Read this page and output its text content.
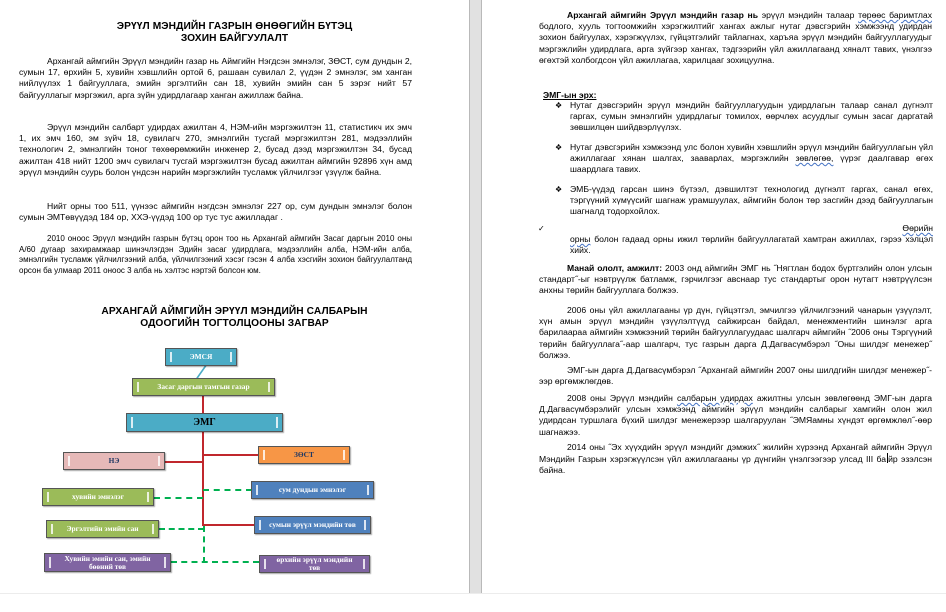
ЭРҮҮЛ МЭНДИЙН ГАЗРЫН ӨНӨӨГИЙН БҮТЭЦ
ЗОХИН БАЙГУУЛАЛТ
Архангай аймгийн Эрүүл мэндийн газар нь Аймгийн Нэгдсэн эмнэлэг, ЗӨСТ, сум дундын 2, сумын 17, өрхийн 5, хувийн хэвшлийн ортой 6, рашаан сувилал 2, үүдэн 2 эмнэлэг, эм ханган нийлүүлэх 1 байгууллага, эмийн эргэлтийн сан 18, хувийн эмийн сан 5 зэрэг нийт 57 байгууллагыг мэргэжил, арга зүйн удирдлагаар ханган ажиллаж байна.
Эрүүл мэндийн салбарт удирдах ажилтан 4, НЭМ-ийн мэргэжилтэн 11, статистикч их эмч 1, их эмч 160, эм зүйч 18, сувилагч 270, эмнэлгийн тусгай мэргэжилтэн 281, мэдээллийн технологич 2, эмнэлгийн тоног төхөөрөмжийн инженер 2, бусад дээд мэргэжилтэн 34, бусад ажилтан 418 нийт 1200 эмч сувилагч тусгай мэргэжилтэн бусад ажилтан аймгийн 92896 хүн амд эрүүл мэндийн суурь болон үндсэн нарийн мэргэжлийн тусламж үйлчилгээг үзүүлж байна.
Нийт орны тоо 511, үүнээс аймгийн нэгдсэн эмнэлэг 227 ор, сум дундын эмнэлэг болон сумын ЭМТөвүүдэд 184 ор, ХХЭ-үүдэд 100 ор тус тус ажилладаг .
2010 оноос Эрүүл мэндийн газрын бүтэц орон тоо нь Архангай аймгийн Засаг даргын 2010 оны А/60 дугаар захирамжаар шинэчлэгдэн Эдийн засаг удирдлага, мэдээллийн алба, НЭМ-ийн алба, эмнэлгийн тусламж үйлчилгээний алба, үйлчилгээний хэсэг гэсэн 4 алба хэсгийн зохион байгуулалтанд орсон ба улмаар 2011 оноос 3 алба нь хэлтэс нэртэй болсон юм.
АРХАНГАЙ АЙМГИЙН ЭРҮҮЛ МЭНДИЙН САЛБАРЫН
ОДООГИЙН ТОГТОЛЦООНЫ ЗАГВАР
ЭМСЯ
Засаг даргын тамгын газар
ЭМГ
НЭ
ЗӨСТ
хувийн эмнэлэг
сум дундын эмнэлэг
Эргэлтийн эмийн сан	сумын эрүүл мэндийн төв
Хувийн эмийн сан, эмийн бөөний төв
өрхийн эрүүл мэндийн төв
Архангай аймгийн Эрүүл мэндийн газар нь эрүүл мэндийн талаар төрөөс баримтлах бодлого, хууль тогтоомжийн хэрэгжилтийг хангах ажлыг нутаг дэвсгэрийн хэмжээнд удирдан зохион байгуулах, хэрэгжүүлэх, гүйцэтгэлийг тайлагнах, харъяа эрүүл мэндийн байгууллагуудыг мэргэжлийн удирдлага, арга зүйгээр хангах, тэдгээрийн үйл ажиллагаанд хяналт тавих, үнэлгээ өгөхтэй холбогдсон үйл ажиллагаа, харилцааг зохицуулна.
ЭМГ-ын эрх:
❖ Нутаг дэвсгэрийн эрүүл мэндийн байгууллагуудын удирдлагын талаар санал дүгнэлт гаргах, сумын эмнэлгийн удирдлагыг томилох, өөрчлөх асуудлыг сумын засаг даргатай зөвшилцөн шийдвэрлүүлэх.
❖ Нутаг дэвсгэрийн хэмжээнд улс болон хувийн хэвшлийн эрүүл мэндийн байгууллагын үйл ажиллагааг хянан шалгах, зааварлах, мэргэжлийн зөвлөгөө, үүрэг даалгавар өгөх шаардлага тавих.
❖ ЭМБ-үүдэд гарсан шинэ бүтээл, дэвшилтэт технологид дүгнэлт гаргах, санал өгөх, тэргүүний хүмүүсийг шагнаж урамшуулах, аймгийн болон төр засгийн дээд байгууллагын шагналд тодорхойлох.
✓	Өөрийн
орны болон гадаад орны ижил төрлийн байгууллагатай хамтран ажиллах, гэрээ хэлцэл хийх.
Манай ололт, амжилт: 2003 онд аймгийн ЭМГ нь ˝Нягтлан бодох бүртгэлийн олон улсын стандарт˝-ыг нэвтрүүлж батламж, гэрчилгээг авснаар тус стандартыг орон нутагт нэвтрүүлсэн анхны төрийн байгууллага болжээ.
2006 оны үйл ажиллагааны үр дүн, гүйцэтгэл, эмчилгээ үйлчилгээний чанарын үзүүлэлт, хүн амын эрүүл мэндийн үзүүлэлтүүд сайжирсан байдал, менежментийн шинэлэг арга барилаараа аймгийн хэмжээний төрийн байгууллагуудаас шалгарч аймгийн ˝2006 оны Тэргүүний төрийн байгууллага˝-аар шалгарч, тус газрын дарга Д.Дагвасүмбэрэл ˝Оны шилдэг менежер˝ болжээ.
ЭМГ-ын дарга Д.Дагвасүмбэрэл ˝Архангай аймгийн 2007 оны шилдгийн шилдэг менежер˝-ээр өргөмжлөгдөв.
2008 оны Эрүүл мэндийн салбарын удирдах ажилтны улсын зөвлөгөөнд ЭМГ-ын дарга Д.Дагвасүмбэрэлийг улсын хэмжээнд аймгийн эрүүл мэндийн салбарыг хамгийн олон жил удирдсан туршлага бүхий шилдэг менежерээр шалгаруулан ˝ЭМЯамны хүндэт өргөмжлөл˝-өөр шагнажээ.
2014 оны ˝Эх хүүхдийн эрүүл мэндийг дэмжих˝ жилийн хүрээнд Архангай аймгийн Эрүүл Мэндийн Газрын хэрэгжүүлсэн үйл ажиллагааны үр дүнгийн үнэлгээгээр улсад III ба йр эзэлсэн байна.
